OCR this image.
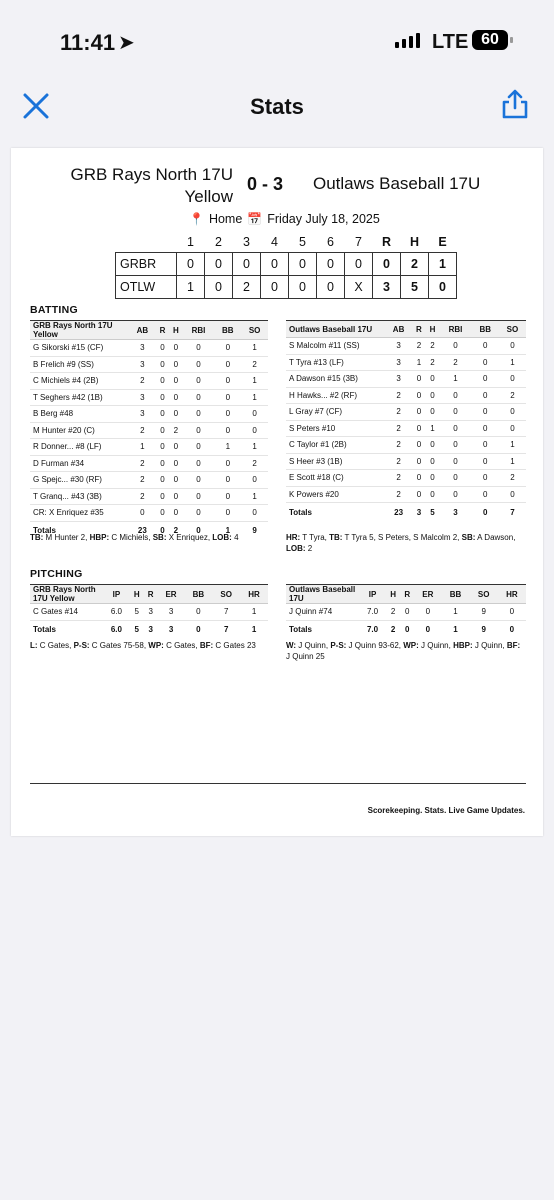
11:41 ➤	LTE 60
Stats
GRB Rays North 17U Yellow
0 - 3 Outlaws Baseball 17U
📍 Home 📅 Friday July 18, 2025
	1	2	3	4	5	6	7	R	H	E
GRBR	0	0	0	0	0	0	0	0	2	1
OTLW	1	0	2	0	0	0	X	3	5	0
BATTING
GRB Rays North 17U Yellow	AB	R	H	RBI	BB	SO
G Sikorski #15 (CF)	3	0	0	0	0	1
B Frelich #9 (SS)	3	0	0	0	0	2
C Michiels #4 (2B)	2	0	0	0	0	1
T Seghers #42 (1B)	3	0	0	0	0	1
B Berg #48	3	0	0	0	0	0
M Hunter #20 (C)	2	0	2	0	0	0
R Donner... #8 (LF)	1	0	0	0	1	1
D Furman #34	2	0	0	0	0	2
G Spejc... #30 (RF)	2	0	0	0	0	0
T Granq... #43 (3B)	2	0	0	0	0	1
CR: X Enriquez #35	0	0	0	0	0	0
Totals	23	0	2	0	1	9
Outlaws Baseball 17U	AB	R	H	RBI	BB	SO
S Malcolm #11 (SS)	3	2	2	0	0	0
T Tyra #13 (LF)	3	1	2	2	0	1
A Dawson #15 (3B)	3	0	0	1	0	0
H Hawks... #2 (RF)	2	0	0	0	0	2
L Gray #7 (CF)	2	0	0	0	0	0
S Peters #10	2	0	1	0	0	0
C Taylor #1 (2B)	2	0	0	0	0	1
S Heer #3 (1B)	2	0	0	0	0	1
E Scott #18 (C)	2	0	0	0	0	2
K Powers #20	2	0	0	0	0	0
Totals	23	3	5	3	0	7
TB: M Hunter 2, HBP: C Michiels, SB: X Enriquez, LOB: 4	HR: T Tyra, TB: T Tyra 5, S Peters, S Malcolm 2, SB: A Dawson, LOB: 2
PITCHING
GRB Rays North 17U Yellow	IP	H	R	ER	BB	SO	HR
C Gates #14	6.0	5	3	3	0	7	1
Totals	6.0	5	3	3	0	7	1
Outlaws Baseball 17U	IP	H	R	ER	BB	SO	HR
J Quinn #74	7.0	2	0	0	1	9	0
Totals	7.0	2	0	0	1	9	0
L: C Gates, P-S: C Gates 75-58, WP: C Gates, BF: C Gates 23	W: J Quinn, P-S: J Quinn 93-62, WP: J Quinn, HBP: J Quinn, BF: J Quinn 25
Scorekeeping. Stats. Live Game Updates.
